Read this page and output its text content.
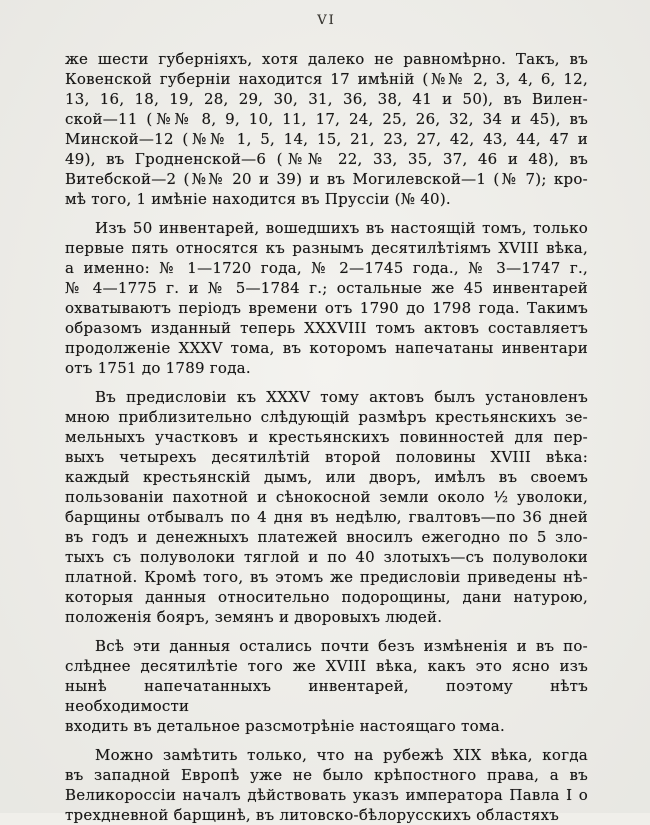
VI

же шести губерніяхъ, хотя далеко не равномѣрно. Такъ, въ
Ковенской губерніи находится 17 имѣній (№№ 2, 3, 4, 6, 12,
13, 16, 18, 19, 28, 29, 30, 31, 36, 38, 41 и 50), въ Вилен-
ской—11 (№№ 8, 9, 10, 11, 17, 24, 25, 26, 32, 34 и 45), въ
Минской—12 (№№ 1, 5, 14, 15, 21, 23, 27, 42, 43, 44, 47 и
49), въ Гродненской—6 (№№ 22, 33, 35, 37, 46 и 48), въ
Витебской—2 (№№ 20 и 39) и въ Могилевской—1 (№ 7); кро-
мѣ того, 1 имѣніе находится въ Пруссіи (№ 40).

Изъ 50 инвентарей, вошедшихъ въ настоящій томъ, только
первые пять относятся къ разнымъ десятилѣтіямъ XVIII вѣка,
а именно: № 1—1720 года, № 2—1745 года., № 3—1747 г.,
№ 4—1775 г. и № 5—1784 г.; остальные же 45 инвентарей
охватываютъ періодъ времени отъ 1790 до 1798 года. Такимъ
образомъ изданный теперь XXXVIII томъ актовъ составляетъ
продолженіе XXXV тома, въ которомъ напечатаны инвентари
отъ 1751 до 1789 года.

Въ предисловіи къ XXXV тому актовъ былъ установленъ
мною приблизительно слѣдующій размѣръ крестьянскихъ зе-
мельныхъ участковъ и крестьянскихъ повинностей для пер-
выхъ четырехъ десятилѣтій второй половины XVIII вѣка:
каждый крестьянскій дымъ, или дворъ, имѣлъ въ своемъ
пользованіи пахотной и сѣнокосной земли около ½ уволоки,
барщины отбывалъ по 4 дня въ недѣлю, гвалтовъ—по 36 дней
въ годъ и денежныхъ платежей вносилъ ежегодно по 5 зло-
тыхъ съ полуволоки тяглой и по 40 злотыхъ—съ полуволоки
платной. Кромѣ того, въ этомъ же предисловіи приведены нѣ-
которыя данныя относительно подорощины, дани натурою,
положенія бояръ, земянъ и дворовыхъ людей.

Всѣ эти данныя остались почти безъ измѣненія и въ по-
слѣднее десятилѣтіе того же XVIII вѣка, какъ это ясно изъ
нынѣ напечатанныхъ инвентарей, поэтому нѣтъ необходимости
входить въ детальное разсмотрѣніе настоящаго тома.

Можно замѣтить только, что на рубежѣ XIX вѣка, когда
въ западной Европѣ уже не было крѣпостного права, а въ
Великороссіи началъ дѣйствовать указъ императора Павла I о
трехдневной барщинѣ, въ литовско-бѣлорусскихъ областяхъ
